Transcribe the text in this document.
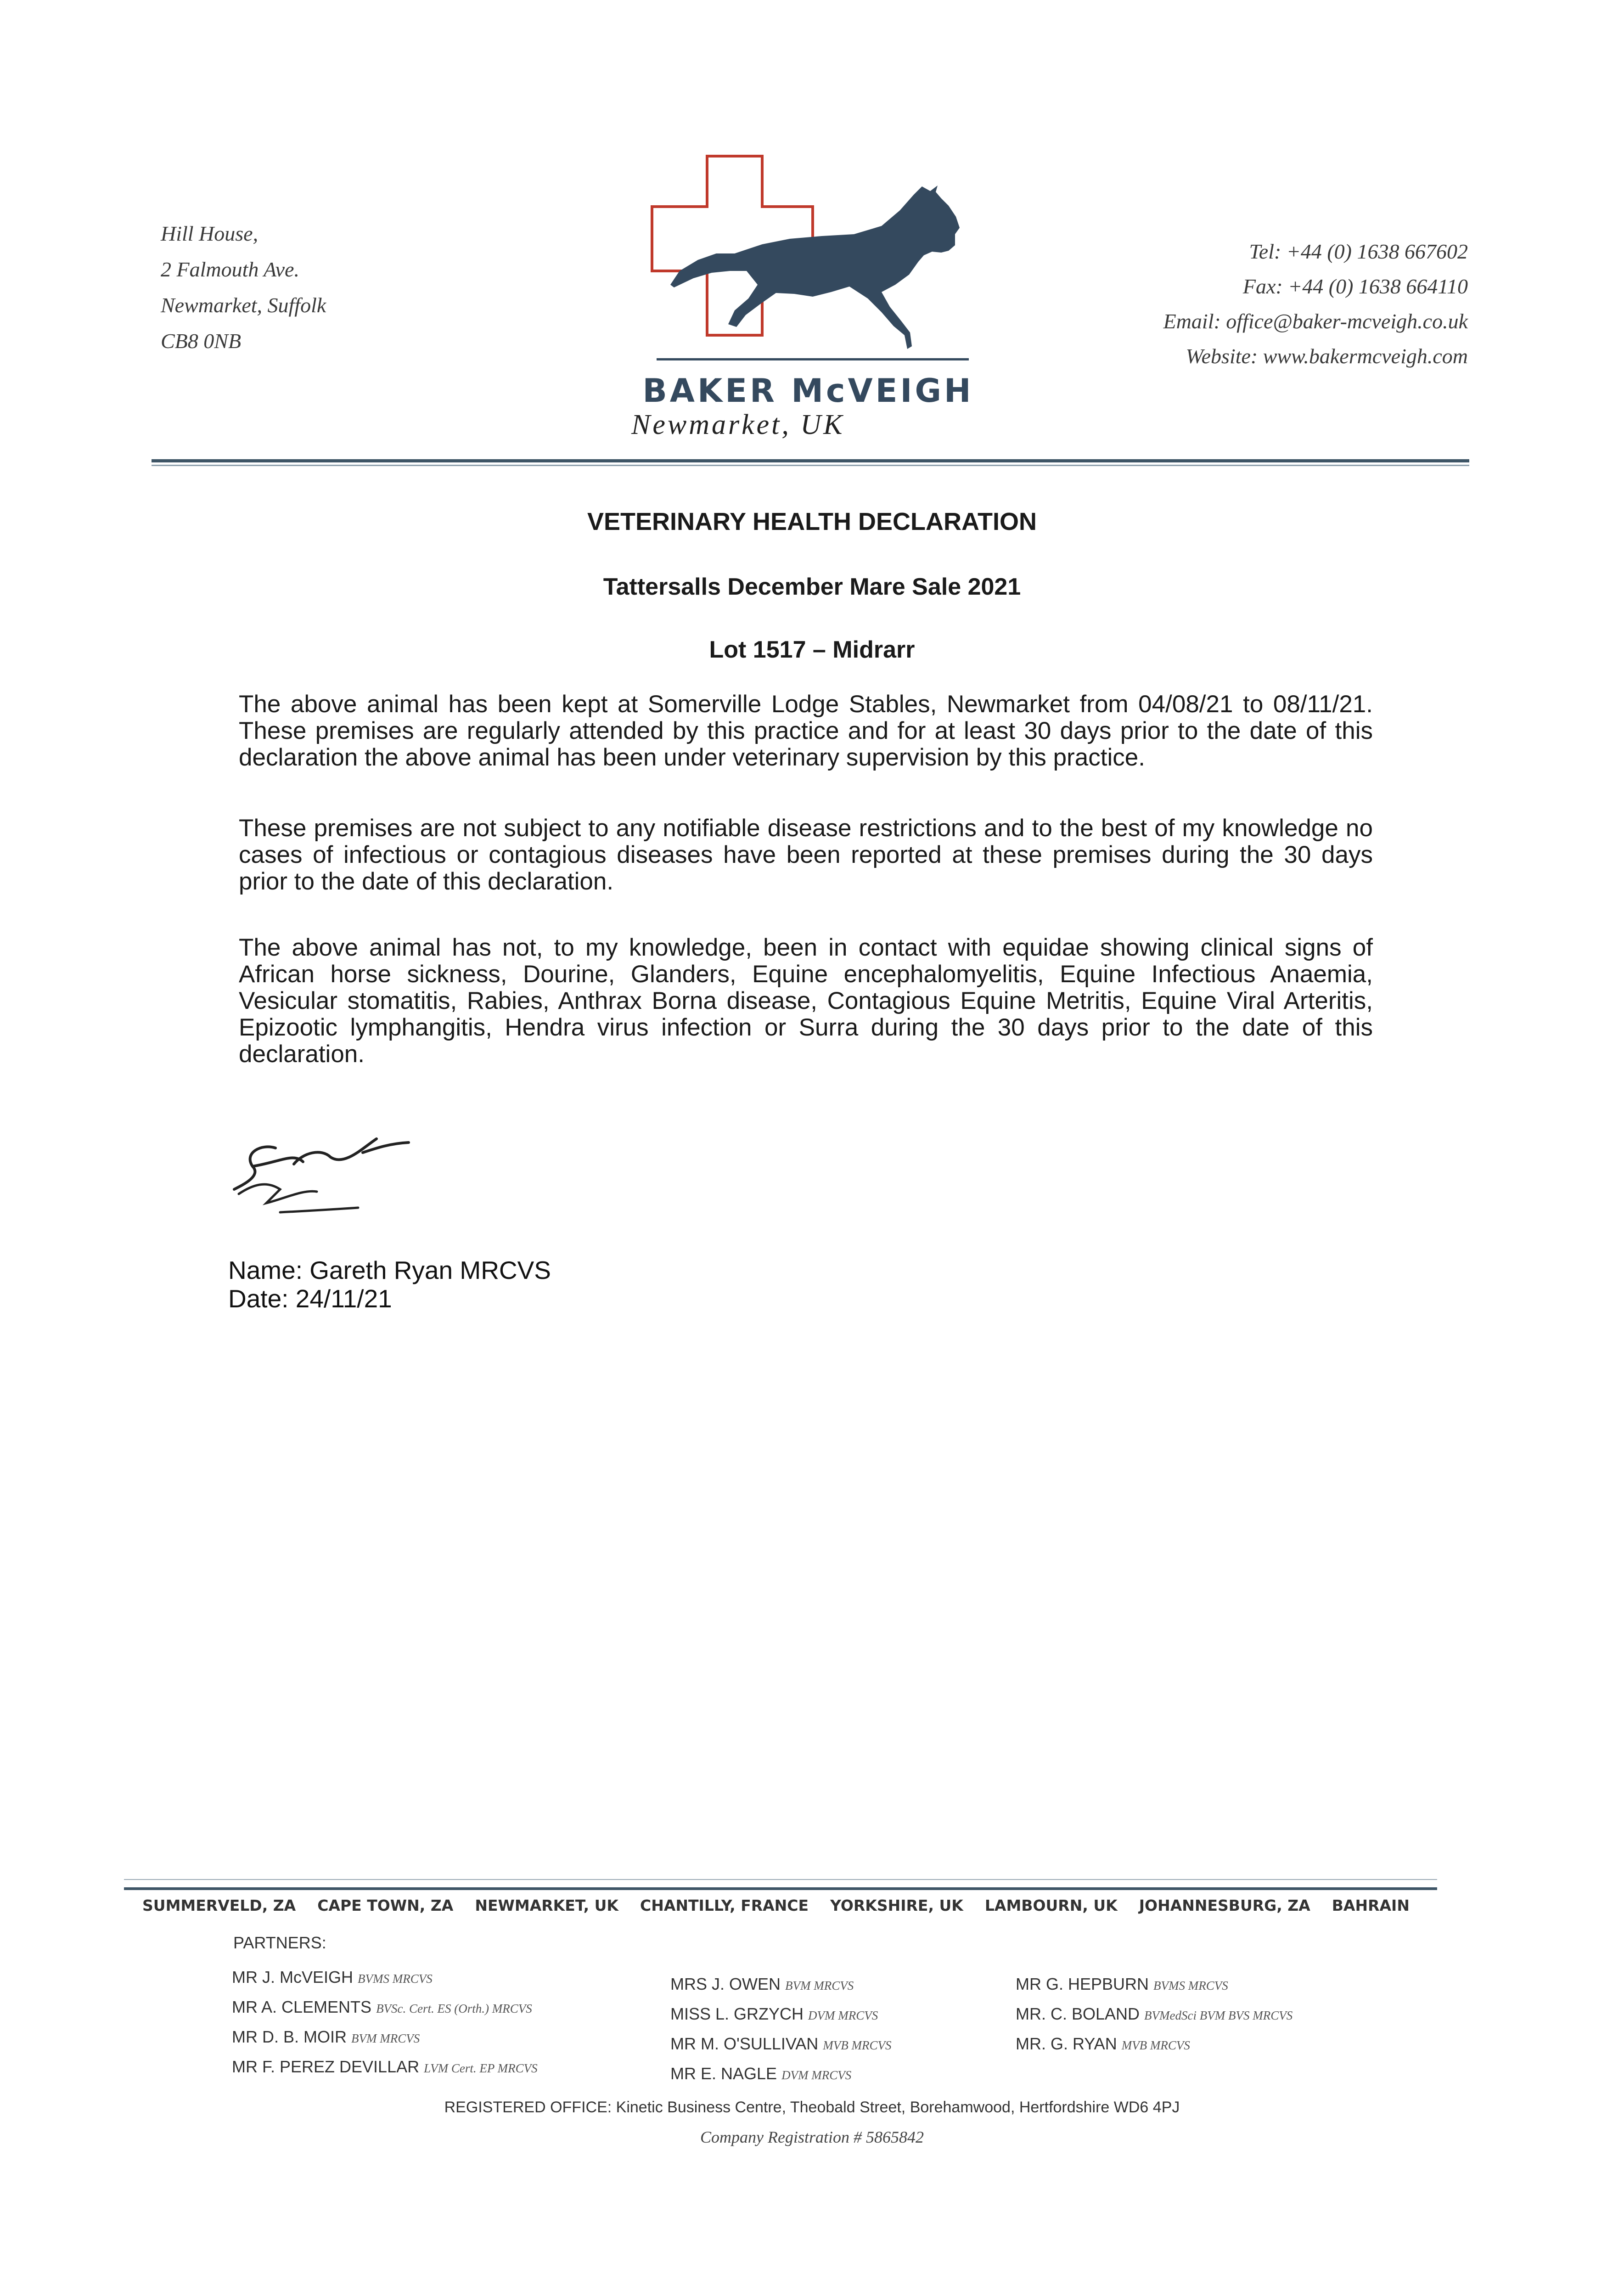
Hill House,
2 Falmouth Ave.
Newmarket, Suffolk
CB8 0NB
BAKER McVEIGH
Newmarket, UK
Tel: +44 (0) 1638 667602
Fax: +44 (0) 1638 664110
Email: office@baker-mcveigh.co.uk
Website: www.bakermcveigh.com
VETERINARY HEALTH DECLARATION
Tattersalls December Mare Sale 2021
Lot 1517 – Midrarr
The above animal has been kept at Somerville Lodge Stables, Newmarket from 04/08/21 to 08/11/21. These premises are regularly attended by this practice and for at least 30 days prior to the date of this declaration the above animal has been under veterinary supervision by this practice.
These premises are not subject to any notifiable disease restrictions and to the best of my knowledge no cases of infectious or contagious diseases have been reported at these premises during the 30 days prior to the date of this declaration.
The above animal has not, to my knowledge, been in contact with equidae showing clinical signs of African horse sickness, Dourine, Glanders, Equine encephalomyelitis, Equine Infectious Anaemia, Vesicular stomatitis, Rabies, Anthrax Borna disease, Contagious Equine Metritis, Equine Viral Arteritis, Epizootic lymphangitis, Hendra virus infection or Surra during the 30 days prior to the date of this declaration.
Name: Gareth Ryan MRCVS
Date: 24/11/21
SUMMERVELD, ZA CAPE TOWN, ZA NEWMARKET, UK CHANTILLY, FRANCE YORKSHIRE, UK LAMBOURN, UK JOHANNESBURG, ZA BAHRAIN
PARTNERS:
MR J. McVEIGH BVMS MRCVS
MR A. CLEMENTS BVSc. Cert. ES (Orth.) MRCVS
MR D. B. MOIR BVM MRCVS
MR F. PEREZ DEVILLAR LVM Cert. EP MRCVS
MRS J. OWEN BVM MRCVS
MISS L. GRZYCH DVM MRCVS
MR M. O'SULLIVAN MVB MRCVS
MR E. NAGLE DVM MRCVS
MR G. HEPBURN BVMS MRCVS
MR. C. BOLAND BVMedSci BVM BVS MRCVS
MR. G. RYAN MVB MRCVS
REGISTERED OFFICE: Kinetic Business Centre, Theobald Street, Borehamwood, Hertfordshire WD6 4PJ
Company Registration # 5865842
